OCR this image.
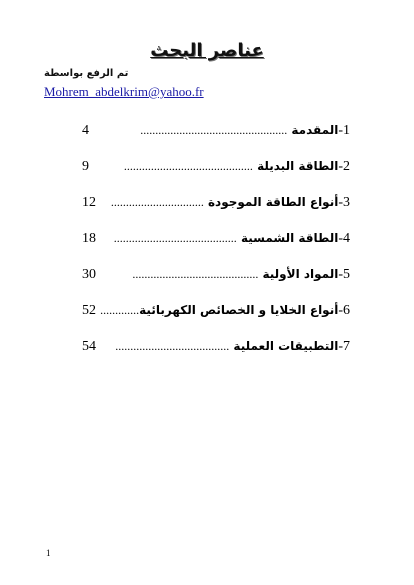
عناصر البحث
تم الرفع بواسطة
Mohrem_abdelkrim@yahoo.fr
4	1-المقدمة .................................................
9	2-الطاقة البديلة ...........................................
12	3-أنواع الطاقة الموجودة ...............................
18	4-الطاقة الشمسية .........................................
30	5-المواد الأولية ..........................................
52	6-أنواع الخلايا و الخصائص الكهربائية.............
54	7-التطبيقات العملية ......................................
1
